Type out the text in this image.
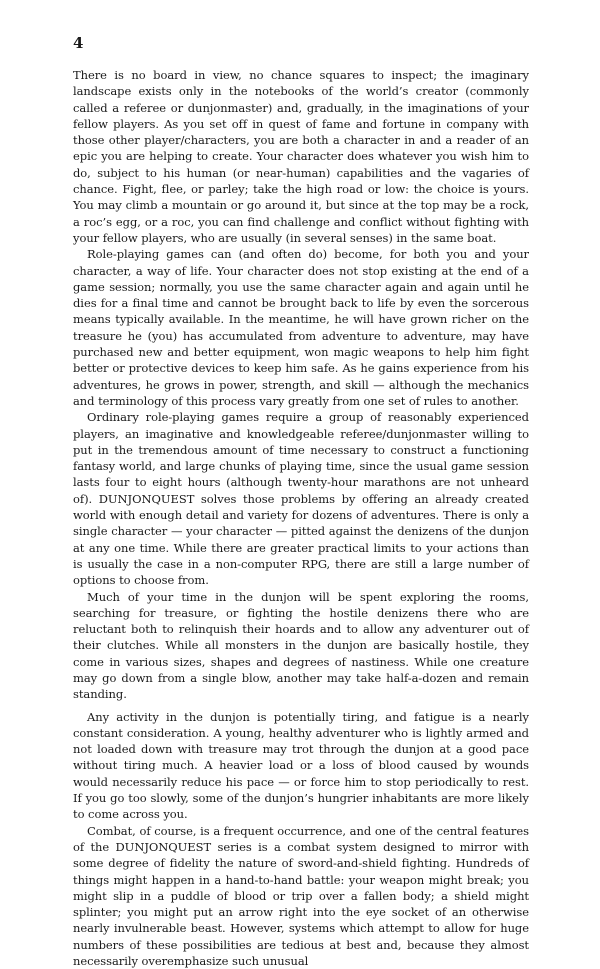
4

There is no board in view, no chance squares to inspect; the imaginary landscape exists only in the notebooks of the world’s creator (commonly called a referee or dunjonmaster) and, gradually, in the imaginations of your fellow players. As you set off in quest of fame and fortune in company with those other player/characters, you are both a character in and a reader of an epic you are helping to create. Your character does whatever you wish him to do, subject to his human (or near-human) capabilities and the vagaries of chance. Fight, flee, or parley; take the high road or low: the choice is yours. You may climb a mountain or go around it, but since at the top may be a rock, a roc’s egg, or a roc, you can find challenge and conflict without fighting with your fellow players, who are usually (in several senses) in the same boat.

Role-playing games can (and often do) become, for both you and your character, a way of life. Your character does not stop existing at the end of a game session; normally, you use the same character again and again until he dies for a final time and cannot be brought back to life by even the sorcerous means typically available. In the meantime, he will have grown richer on the treasure he (you) has accumulated from adventure to adventure, may have purchased new and better equipment, won magic weapons to help him fight better or protective devices to keep him safe. As he gains experience from his adventures, he grows in power, strength, and skill — although the mechanics and terminology of this process vary greatly from one set of rules to another.

Ordinary role-playing games require a group of reasonably experienced players, an imaginative and knowledgeable referee/dunjonmaster willing to put in the tremendous amount of time necessary to construct a functioning fantasy world, and large chunks of playing time, since the usual game session lasts four to eight hours (although twenty-hour marathons are not unheard of). DUNJONQUEST solves those problems by offering an already created world with enough detail and variety for dozens of adventures. There is only a single character — your character — pitted against the denizens of the dunjon at any one time. While there are greater practical limits to your actions than is usually the case in a non-computer RPG, there are still a large number of options to choose from.

Much of your time in the dunjon will be spent exploring the rooms, searching for treasure, or fighting the hostile denizens there who are reluctant both to relinquish their hoards and to allow any adventurer out of their clutches. While all monsters in the dunjon are basically hostile, they come in various sizes, shapes and degrees of nastiness. While one creature may go down from a single blow, another may take half-a-dozen and remain standing.

Any activity in the dunjon is potentially tiring, and fatigue is a nearly constant consideration. A young, healthy adventurer who is lightly armed and not loaded down with treasure may trot through the dunjon at a good pace without tiring much. A heavier load or a loss of blood caused by wounds would necessarily reduce his pace — or force him to stop periodically to rest. If you go too slowly, some of the dunjon’s hungrier inhabitants are more likely to come across you.

Combat, of course, is a frequent occurrence, and one of the central features of the DUNJONQUEST series is a combat system designed to mirror with some degree of fidelity the nature of sword-and-shield fighting. Hundreds of things might happen in a hand-to-hand battle: your weapon might break; you might slip in a puddle of blood or trip over a fallen body; a shield might splinter; you might put an arrow right into the eye socket of an otherwise nearly invulnerable beast. However, systems which attempt to allow for huge numbers of these possibilities are tedious at best and, because they almost necessarily overemphasize such unusual
